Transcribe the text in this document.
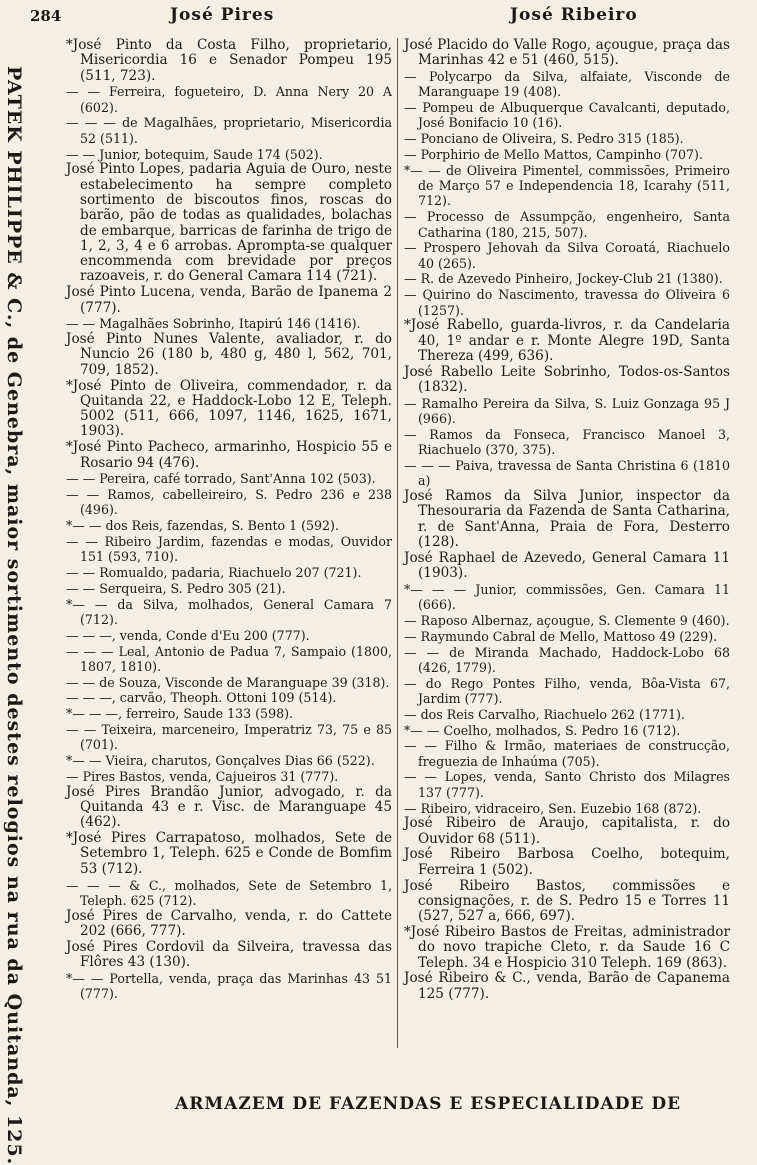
284	José Pires	José Ribeiro
PATEK PHILIPPE & C., de Genebra, maior sortimento destes relogios na rua da Quitanda, 125.

*José Pinto da Costa Filho, proprietario, Misericordia 16 e Senador Pompeu 195 (511, 723).

— — Ferreira, fogueteiro, D. Anna Nery 20 A (602).

— — — de Magalhães, proprietario, Misericordia 52 (511).

— — Junior, botequim, Saude 174 (502).

José Pinto Lopes, padaria Aguia de Ouro, neste estabelecimento ha sempre completo sortimento de biscoutos finos, roscas do barão, pão de todas as qualidades, bolachas de embarque, barricas de farinha de trigo de 1, 2, 3, 4 e 6 arrobas. Apromptа-se qualquer encommenda com brevidade por preços razoaveis, r. do General Camara 114 (721).

José Pinto Lucena, venda, Barão de Ipanema 2 (777).

— — Magalhães Sobrinho, Itapirú 146 (1416).

José Pinto Nunes Valente, avaliador, r. do Nuncio 26 (180 b, 480 g, 480 l, 562, 701, 709, 1852).

*José Pinto de Oliveira, commendador, r. da Quitanda 22, e Haddock-Lobo 12 E, Teleph. 5002 (511, 666, 1097, 1146, 1625, 1671, 1903).

*José Pinto Pacheco, armarinho, Hospicio 55 e Rosario 94 (476).

— — Pereira, café torrado, Sant'Anna 102 (503).

— — Ramos, cabelleireiro, S. Pedro 236 e 238 (496).

*— — dos Reis, fazendas, S. Bento 1 (592).

— — Ribeiro Jardim, fazendas e modas, Ouvidor 151 (593, 710).

— — Romualdo, padaria, Riachuelo 207 (721).

— — Serqueira, S. Pedro 305 (21).

*— — da Silva, molhados, General Camara 7 (712).

— — —, venda, Conde d'Eu 200 (777).

— — — Leal, Antonio de Padua 7, Sampaio (1800, 1807, 1810).

— — de Souza, Visconde de Maranguape 39 (318).

— — —, carvão, Theoph. Ottoni 109 (514).

*— — —, ferreiro, Saude 133 (598).

— — Teixeira, marceneiro, Imperatriz 73, 75 e 85 (701).

*— — Vieira, charutos, Gonçalves Dias 66 (522).

— Pires Bastos, venda, Cajueiros 31 (777).

José Pires Brandão Junior, advogado, r. da Quitanda 43 e r. Visc. de Maranguape 45 (462).

*José Pires Carrapatoso, molhados, Sete de Setembro 1, Teleph. 625 e Conde de Bomfim 53 (712).

— — — & C., molhados, Sete de Setembro 1, Teleph. 625 (712).

José Pires de Carvalho, venda, r. do Cattete 202 (666, 777).

José Pires Cordovil da Silveira, travessa das Flôres 43 (130).

*— — Portella, venda, praça das Marinhas 43 51 (777).

José Placido do Valle Rogo, açougue, praça das Marinhas 42 e 51 (460, 515).

— Polycarpo da Silva, alfaiate, Visconde de Maranguape 19 (408).

— Pompeu de Albuquerque Cavalcanti, deputado, José Bonifacio 10 (16).

— Ponciano de Oliveira, S. Pedro 315 (185).

— Porphirio de Mello Mattos, Campinho (707).

*— — de Oliveira Pimentel, commissões, Primeiro de Março 57 e Independencia 18, Icarahy (511, 712).

— Processo de Assumpção, engenheiro, Santa Catharina (180, 215, 507).

— Prospero Jehovah da Silva Coroatá, Riachuelo 40 (265).

— R. de Azevedo Pinheiro, Jockey-Club 21 (1380).

— Quirino do Nascimento, travessa do Oliveira 6 (1257).

*José Rabello, guarda-livros, r. da Candelaria 40, 1º andar e r. Monte Alegre 19D, Santa Thereza (499, 636).

José Rabello Leite Sobrinho, Todos-os-Santos (1832).

— Ramalho Pereira da Silva, S. Luiz Gonzaga 95 J (966).

— Ramos da Fonseca, Francisco Manoel 3, Riachuelo (370, 375).

— — — Paiva, travessa de Santa Christina 6 (1810 a)

José Ramos da Silva Junior, inspector da Thesouraria da Fazenda de Santa Catharina, r. de Sant'Anna, Praia de Fora, Desterro (128).

José Raphael de Azevedo, General Camara 11 (1903).

*— — — Junior, commissões, Gen. Camara 11 (666).

— Raposo Albernaz, açougue, S. Clemente 9 (460).

— Raymundo Cabral de Mello, Mattoso 49 (229).

— — de Miranda Machado, Haddock-Lobo 68 (426, 1779).

— do Rego Pontes Filho, venda, Bôa-Vista 67, Jardim (777).

— dos Reis Carvalho, Riachuelo 262 (1771).

*— — Coelho, molhados, S. Pedro 16 (712).

— — Filho & Irmão, materiaes de construcção, freguezia de Inhaúma (705).

— — Lopes, venda, Santo Christo dos Milagres 137 (777).

— Ribeiro, vidraceiro, Sen. Euzebio 168 (872).

José Ribeiro de Araujo, capitalista, r. do Ouvidor 68 (511).

José Ribeiro Barbosa Coelho, botequim, Ferreira 1 (502).

José Ribeiro Bastos, commissões e consignações, r. de S. Pedro 15 e Torres 11 (527, 527 a, 666, 697).

*José Ribeiro Bastos de Freitas, administrador do novo trapiche Cleto, r. da Saude 16 C Teleph. 34 e Hospicio 310 Teleph. 169 (863).

José Ribeiro & C., venda, Barão de Capanema 125 (777).

ARMAZEM DE FAZENDAS E ESPECIALIDADE DE
